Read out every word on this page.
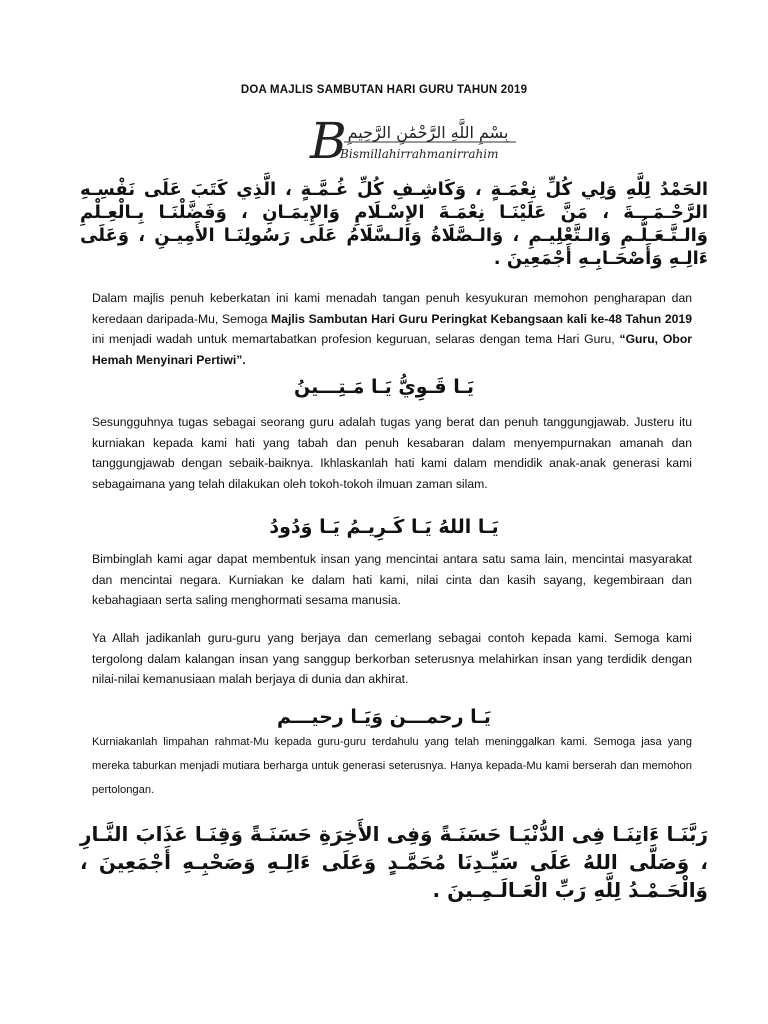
DOA MAJLIS SAMBUTAN HARI GURU TAHUN 2019
B بِسْمِ اللَّهِ الرَّحْمَٰنِ الرَّحِيمِ
Bismillahirrahmanirrahim
الحَمْدُ لِلَّهِ وَلِي كُلِّ نِعْمَـةٍ ، وَكَاشِـفِ كُلِّ غُـمَّـةٍ ، الَّذِي كَتَبَ عَلَى نَفْسِـهِ الرَّحْـمَـــةَ ، مَنَّ عَلَيْنَـا نِعْمَـةَ الإِسْـلَامِ وَالإِيمَـانِ ، وَفَضَّلْنَـا بِـالْعِـلْمِ وَالـتَّـعَـلُّـمِ وَالـتَّعْلِيـمِ ، وَالـصَّلَاةُ وَالـسَّلَامُ عَلَى رَسُولِنَـا الأَمِيـنِ ، وَعَلَى ءَالِـهِ وَأَصْحَـابِـهِ أَجْمَعِينَ .
Dalam majlis penuh keberkatan ini kami menadah tangan penuh kesyukuran memohon pengharapan dan keredaan daripada-Mu, Semoga Majlis Sambutan Hari Guru Peringkat Kebangsaan kali ke-48 Tahun 2019 ini menjadi wadah untuk memartabatkan profesion keguruan, selaras dengan tema Hari Guru, “Guru, Obor Hemah Menyinari Pertiwi”.
يَـا قَـوِيُّ يَـا مَـتِـــينُ
Sesungguhnya tugas sebagai seorang guru adalah tugas yang berat dan penuh tanggungjawab. Justeru itu kurniakan kepada kami hati yang tabah dan penuh kesabaran dalam menyempurnakan amanah dan tanggungjawab dengan sebaik-baiknya. Ikhlaskanlah hati kami dalam mendidik anak-anak generasi kami sebagaimana yang telah dilakukan oleh tokoh-tokoh ilmuan zaman silam.
يَـا اللهُ يَـا كَـرِيـمُ يَـا وَدُودُ
Bimbinglah kami agar dapat membentuk insan yang mencintai antara satu sama lain, mencintai masyarakat dan mencintai negara. Kurniakan ke dalam hati kami, nilai cinta dan kasih sayang, kegembiraan dan kebahagiaan serta saling menghormati sesama manusia.
Ya Allah jadikanlah guru-guru yang berjaya dan cemerlang sebagai contoh kepada kami. Semoga kami tergolong dalam kalangan insan yang sanggup berkorban seterusnya melahirkan insan yang terdidik dengan nilai-nilai kemanusiaan malah berjaya di dunia dan akhirat.
يَـا رحمـــن وَيَـا رحيـــم
Kurniakanlah limpahan rahmat-Mu kepada guru-guru terdahulu yang telah meninggalkan kami. Semoga jasa yang mereka taburkan menjadi mutiara berharga untuk generasi seterusnya. Hanya kepada-Mu kami berserah dan memohon pertolongan.
رَبَّنَـا ءَاتِنَـا فِى الدُّنْيَـا حَسَنَـةً وَفِى الأَخِرَةِ حَسَنَـةً وَقِنَـا عَذَابَ النَّـارِ ، وَصَلَّى اللهُ عَلَى سَيِّـدِنَا مُحَمَّـدٍ وَعَلَى ءَالِـهِ وَصَحْبِـهِ أَجْمَعِينَ ، وَالْحَـمْـدُ لِلَّهِ رَبِّ الْعَـالَـمِـينَ .
